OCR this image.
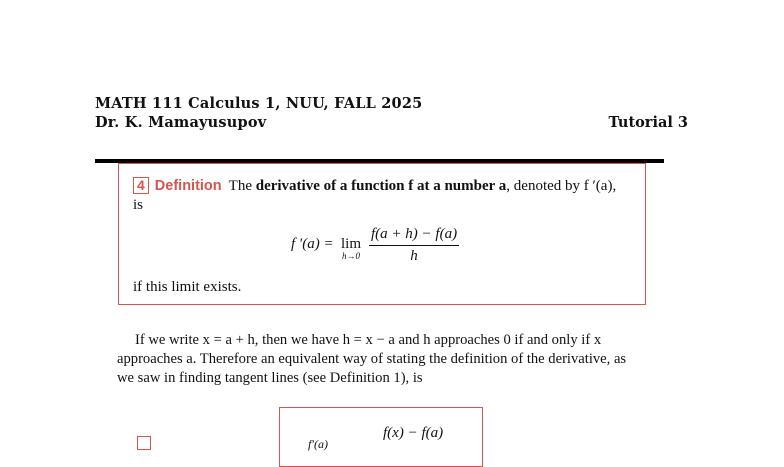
MATH 111 Calculus 1, NUU, FALL 2025
Dr. K. Mamayusupov	Tutorial 3
4 Definition The derivative of a function f at a number a, denoted by f ′(a),
is
f ′(a) = lim
h→0
f(a + h) − f(a)
h
if this limit exists.

If we write x = a + h, then we have h = x − a and h approaches 0 if and only if x

approaches a. Therefore an equivalent way of stating the definition of the derivative, as

we saw in finding tangent lines (see Definition 1), is

f′(a)
f(x) − f(a)
